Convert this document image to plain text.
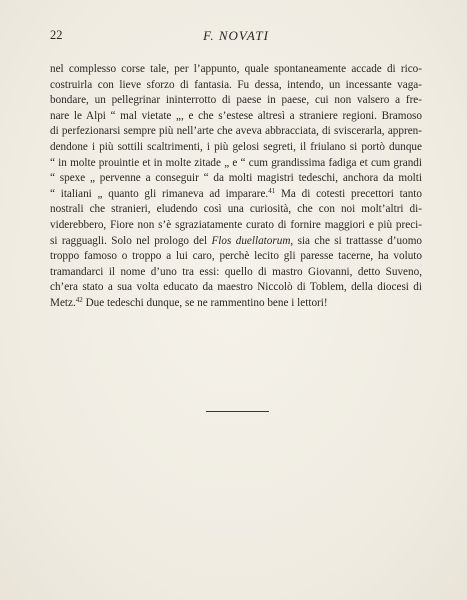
22	F. NOVATI
nel complesso corse tale, per l’appunto, quale spontaneamente accade di rico-
costruirla con lieve sforzo di fantasia. Fu dessa, intendo, un incessante vaga-
bondare, un pellegrinar ininterrotto di paese in paese, cui non valsero a fre-
nare le Alpi “ mal vietate „, e che s’estese altresì a straniere regioni. Bramoso
di perfezionarsi sempre più nell’arte che aveva abbracciata, di sviscerarla, appren-
dendone i più sottili scaltrimenti, i più gelosi segreti, il friulano si portò dunque
“ in molte prouintie et in molte zitade „ e “ cum grandissima fadiga et cum grandi
“ spexe „ pervenne a conseguir “ da molti magistri tedeschi, anchora da molti
“ italiani „ quanto gli rimaneva ad imparare.$^{41}$ Ma di cotesti precettori tanto
nostrali che stranieri, eludendo così una curiosità, che con noi molt’altri di-
viderebbero, Fiore non s’è sgraziatamente curato di fornire maggiori e più preci-
si ragguagli. Solo nel prologo del Flos duellatorum, sia che si trattasse d’uomo
troppo famoso o troppo a lui caro, perchè lecito gli paresse tacerne, ha voluto
tramandarci il nome d’uno tra essi: quello di mastro Giovanni, detto Suveno,
ch’era stato a sua volta educato da maestro Niccolò di Toblem, della diocesi di
Metz.$^{42}$ Due tedeschi dunque, se ne rammentino bene i lettori!
